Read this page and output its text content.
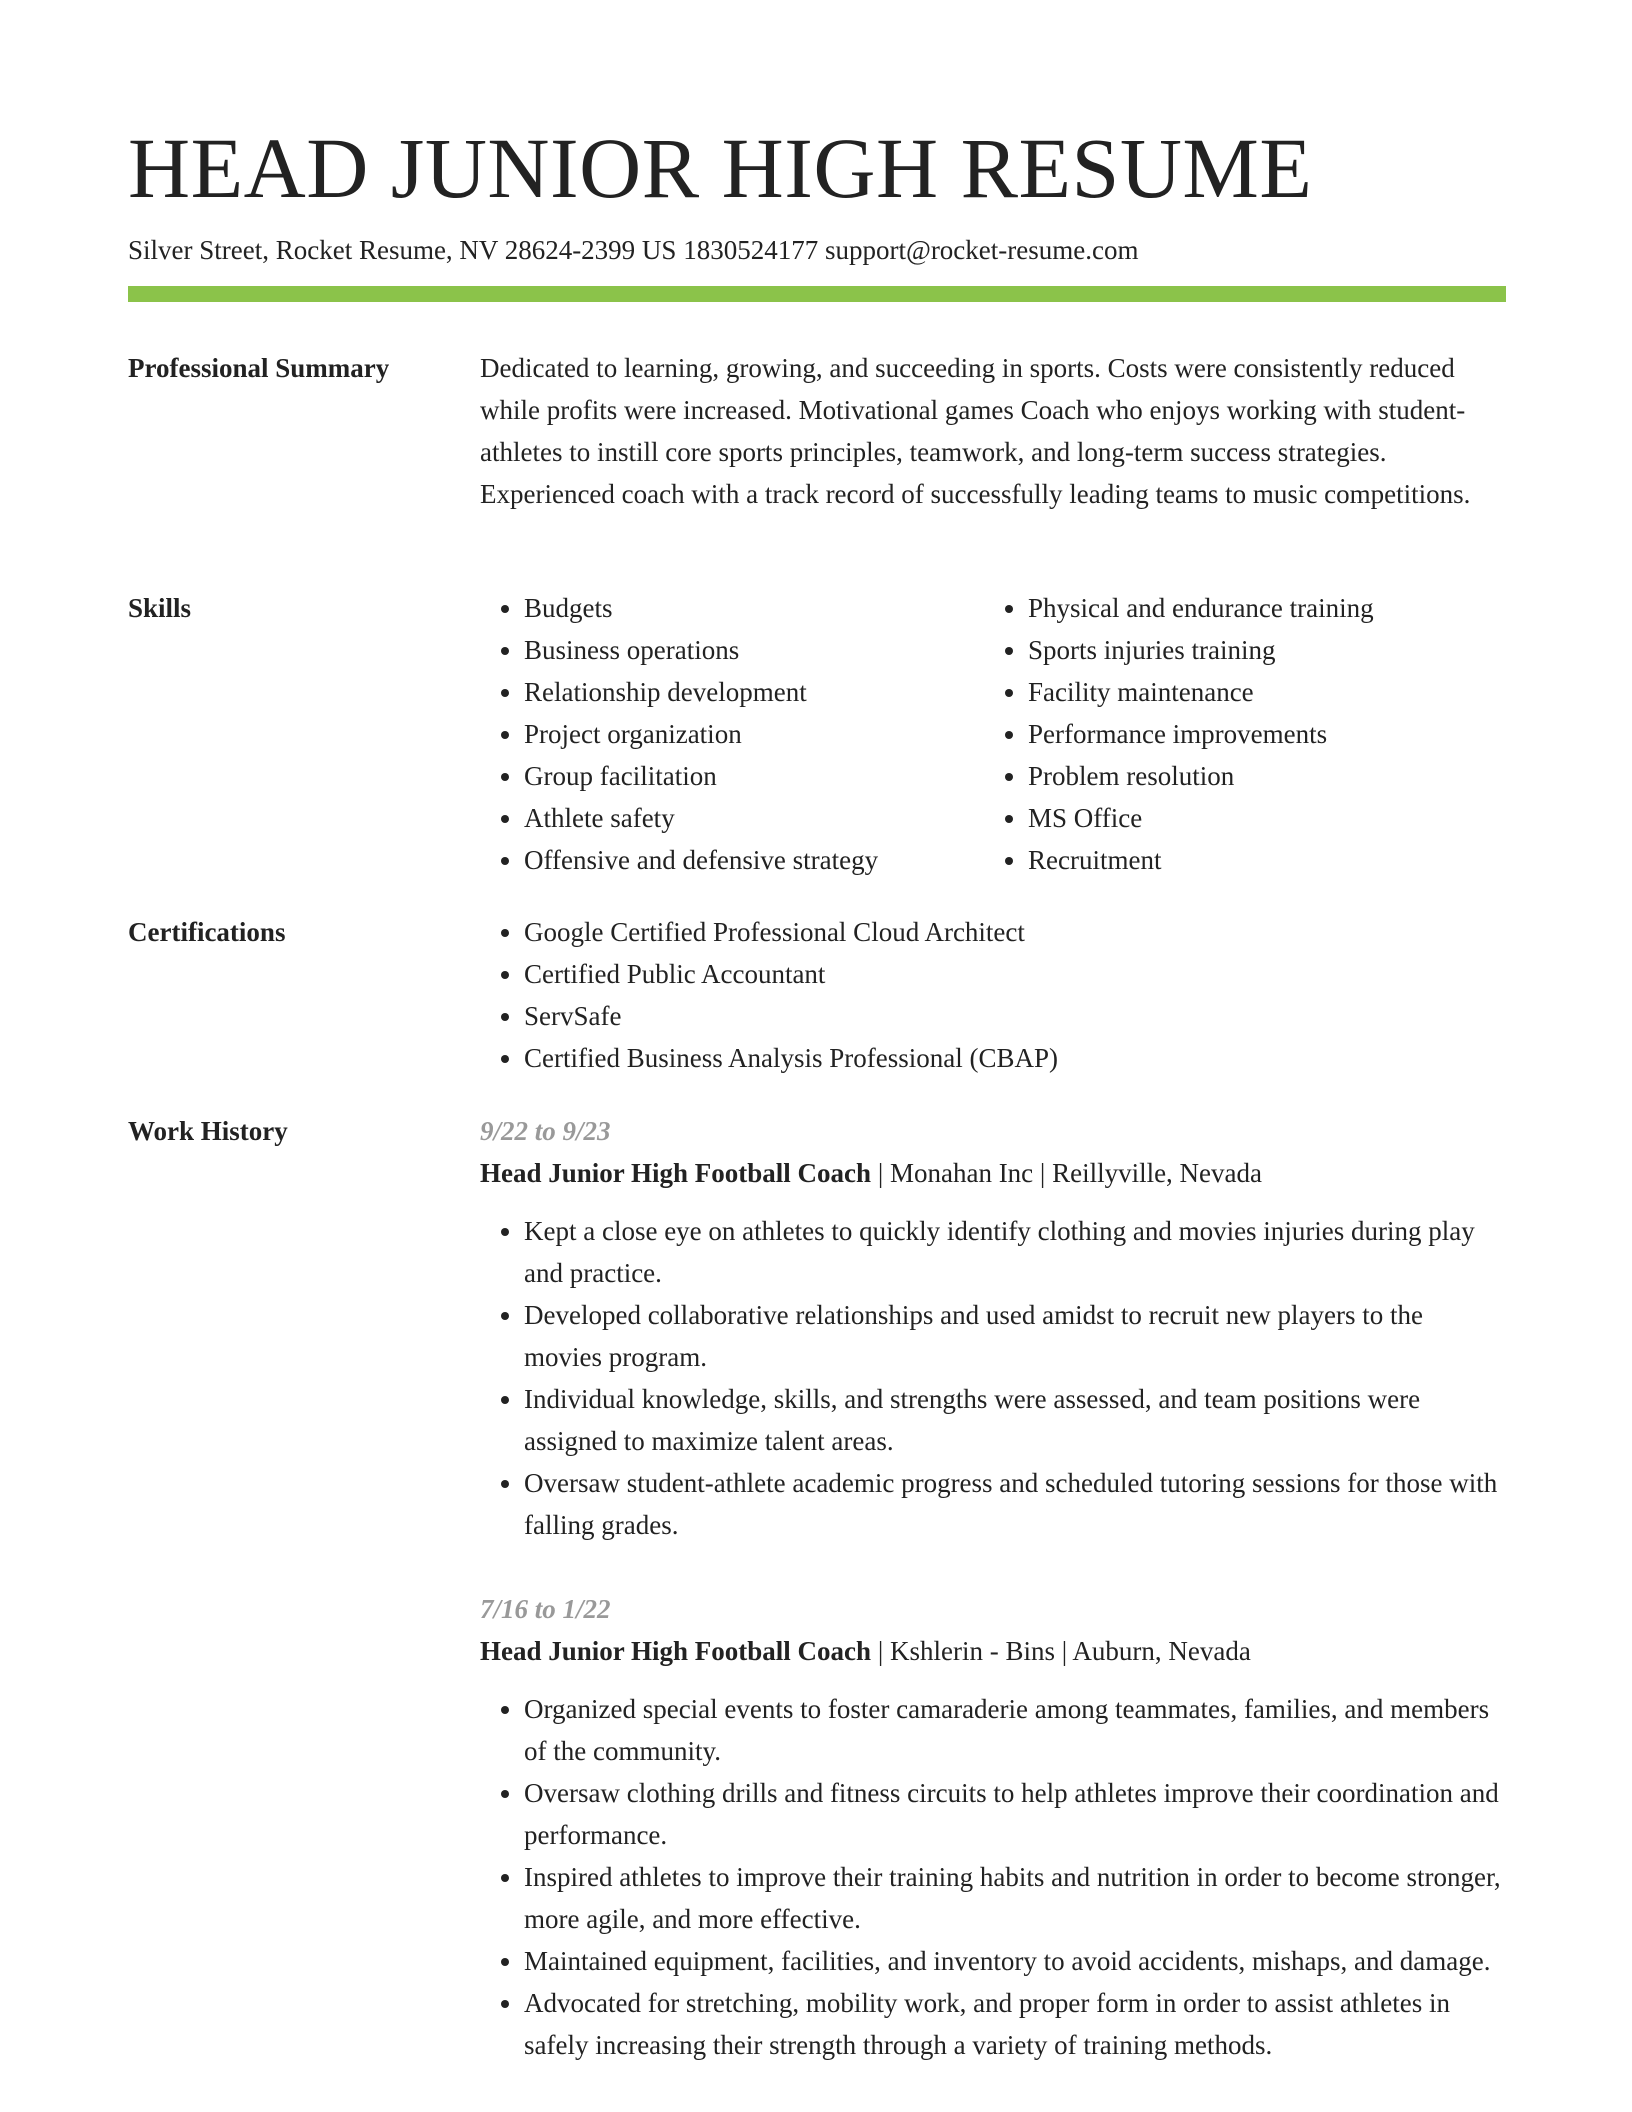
HEAD JUNIOR HIGH RESUME
Silver Street, Rocket Resume, NV 28624-2399 US 1830524177 support@rocket-resume.com
Professional Summary	Dedicated to learning, growing, and succeeding in sports. Costs were consistently reduced while profits were increased. Motivational games Coach who enjoys working with student-athletes to instill core sports principles, teamwork, and long-term success strategies. Experienced coach with a track record of successfully leading teams to music competitions.

Skills	• Budgets
• Business operations
• Relationship development
• Project organization
• Group facilitation
• Athlete safety
• Offensive and defensive strategy
• Physical and endurance training
• Sports injuries training
• Facility maintenance
• Performance improvements
• Problem resolution
• MS Office
• Recruitment
Certifications	• Google Certified Professional Cloud Architect
• Certified Public Accountant
• ServSafe
• Certified Business Analysis Professional (CBAP)
Work History	9/22 to 9/23
Head Junior High Football Coach | Monahan Inc | Reillyville, Nevada
• Kept a close eye on athletes to quickly identify clothing and movies injuries during play and practice.
• Developed collaborative relationships and used amidst to recruit new players to the movies program.
• Individual knowledge, skills, and strengths were assessed, and team positions were assigned to maximize talent areas.
• Oversaw student-athlete academic progress and scheduled tutoring sessions for those with falling grades.
7/16 to 1/22
Head Junior High Football Coach | Kshlerin - Bins | Auburn, Nevada
• Organized special events to foster camaraderie among teammates, families, and members of the community.
• Oversaw clothing drills and fitness circuits to help athletes improve their coordination and performance.
• Inspired athletes to improve their training habits and nutrition in order to become stronger, more agile, and more effective.
• Maintained equipment, facilities, and inventory to avoid accidents, mishaps, and damage.
• Advocated for stretching, mobility work, and proper form in order to assist athletes in safely increasing their strength through a variety of training methods.
